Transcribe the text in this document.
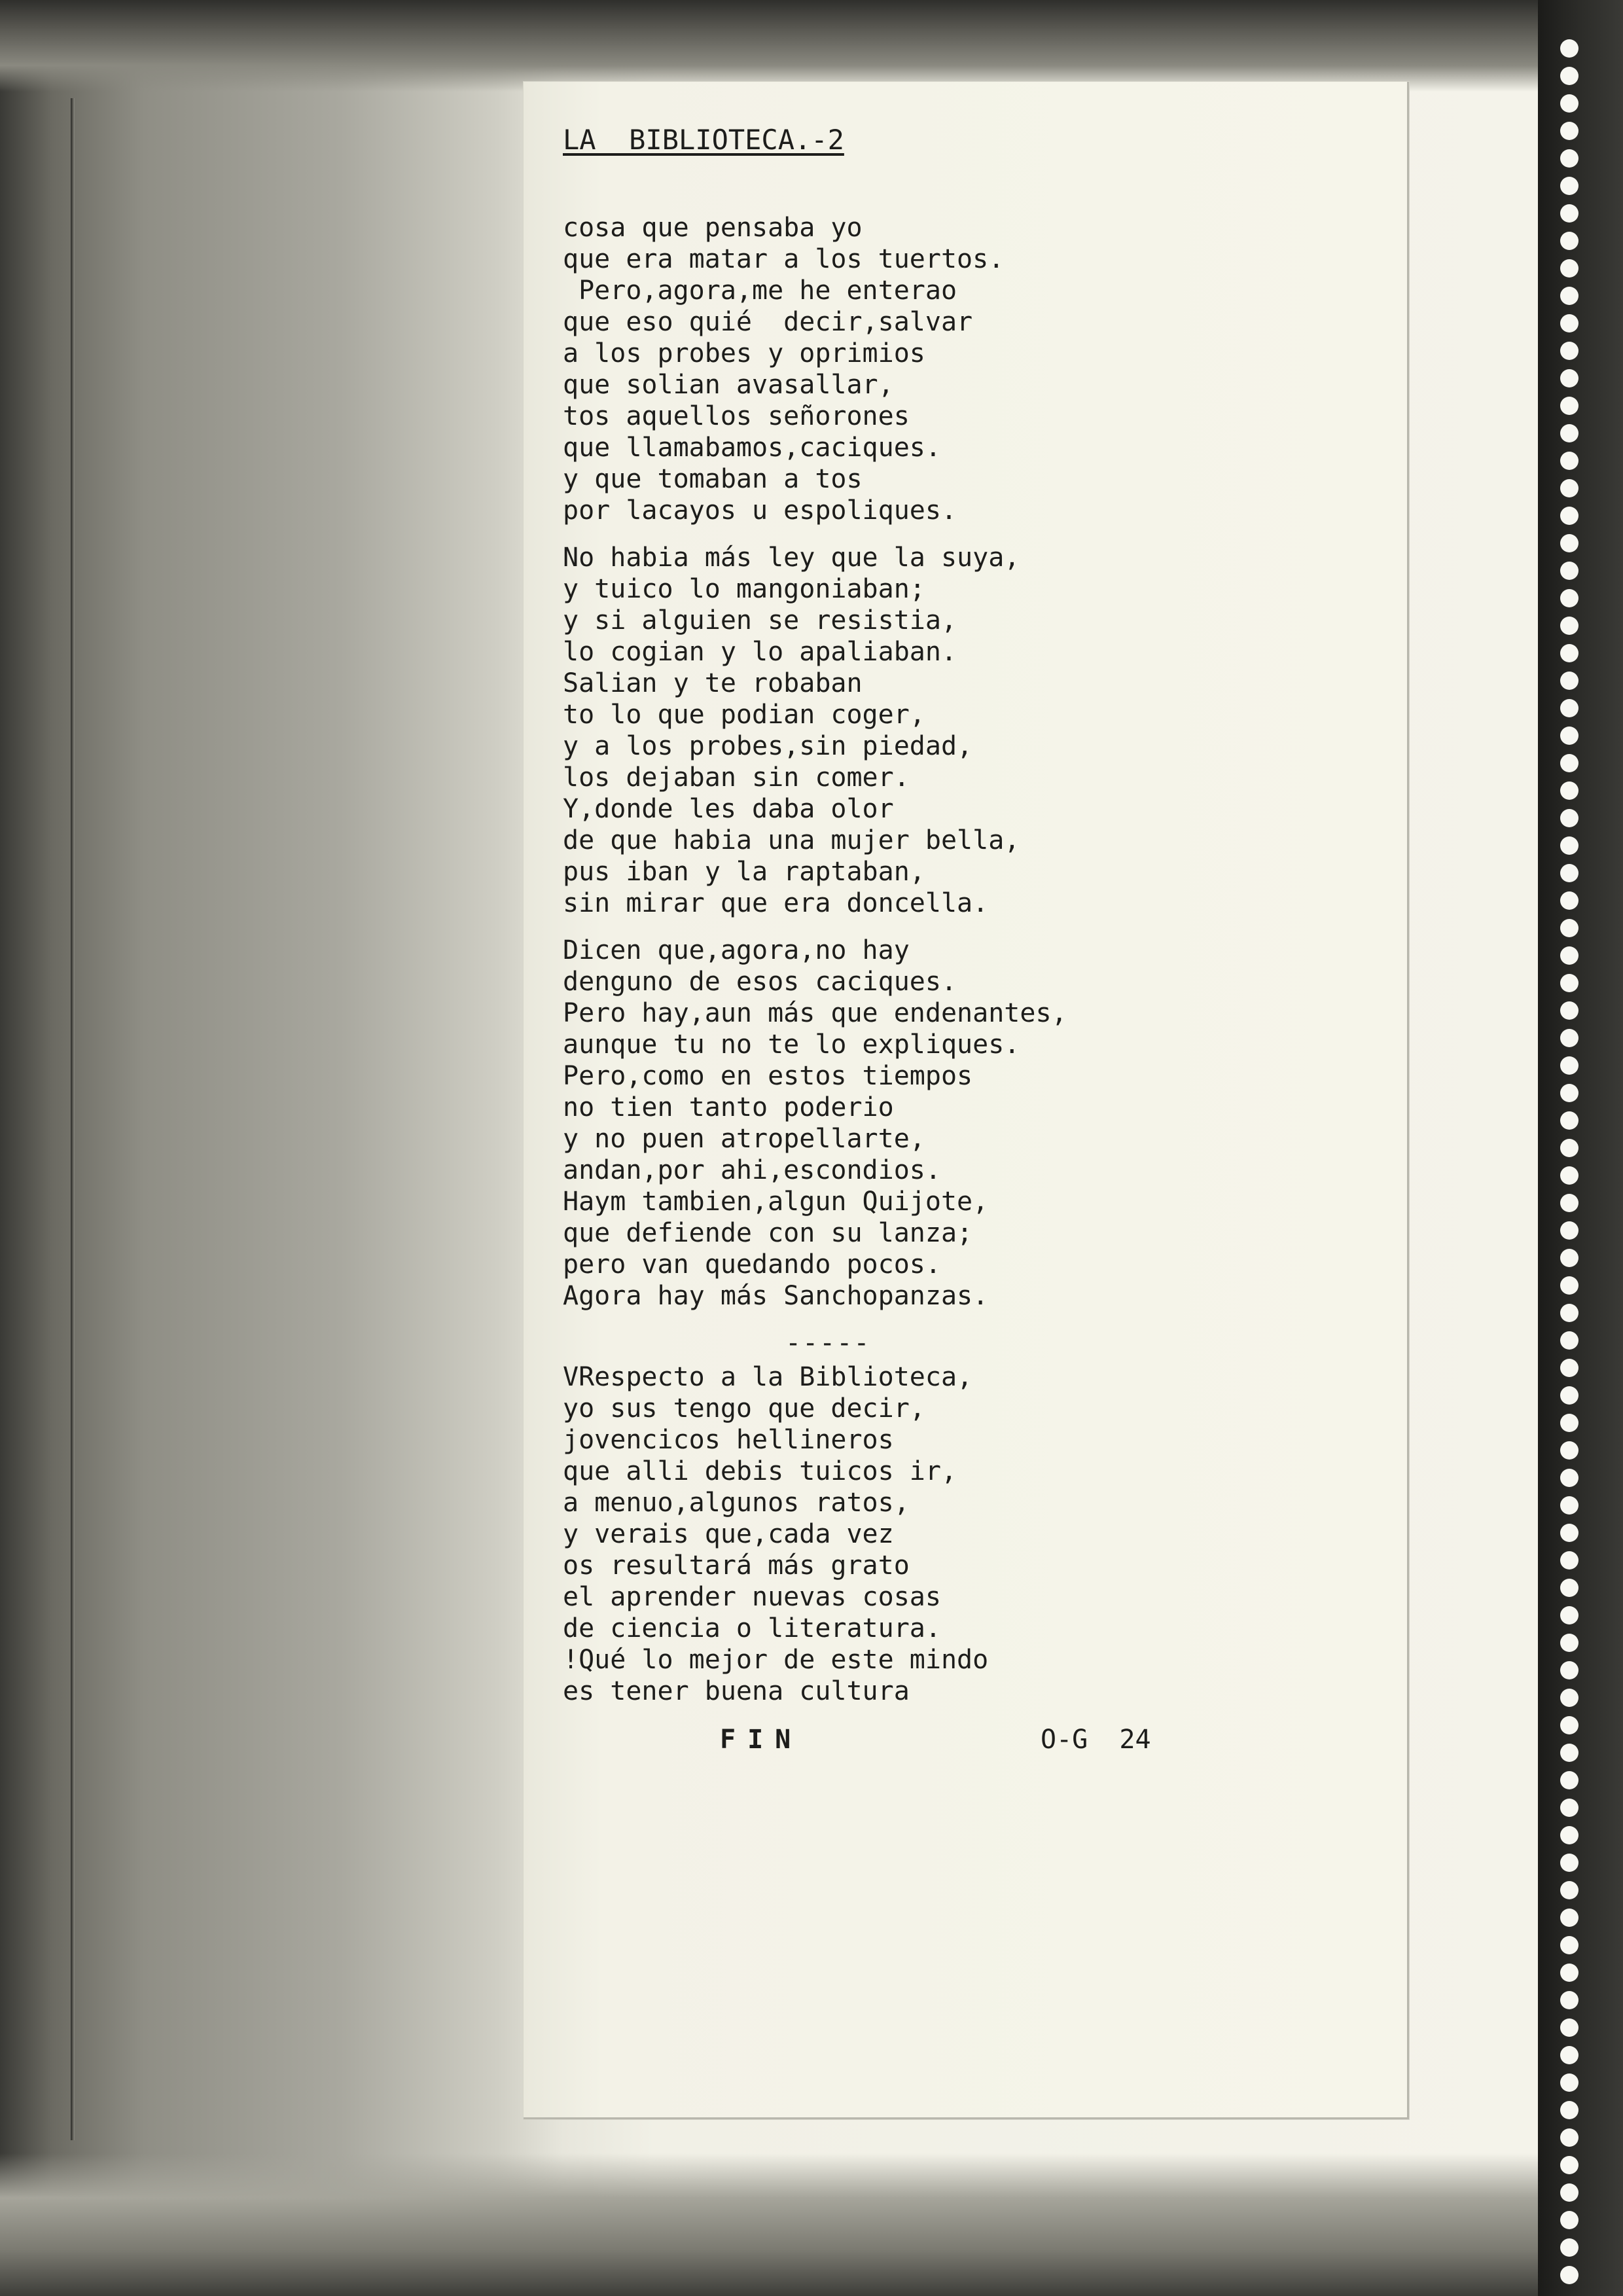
LA  BIBLIOTECA.-2
cosa que pensaba yo
que era matar a los tuertos.
Pero,agora,me he enterao
que eso quié  decir,salvar
a los probes y oprimios
que solian avasallar,
tos aquellos señorones
que llamabamos,caciques.
y que tomaban a tos
por lacayos u espoliques.
No habia más ley que la suya,
y tuico lo mangoniaban;
y si alguien se resistia,
lo cogian y lo apaliaban.
Salian y te robaban
to lo que podian coger,
y a los probes,sin piedad,
los dejaban sin comer.
Y,donde les daba olor
de que habia una mujer bella,
pus iban y la raptaban,
sin mirar que era doncella.
Dicen que,agora,no hay
denguno de esos caciques.
Pero hay,aun más que endenantes,
aunque tu no te lo expliques.
Pero,como en estos tiempos
no tien tanto poderio
y no puen atropellarte,
andan,por ahi,escondios.
Haym tambien,algun Quijote,
que defiende con su lanza;
pero van quedando pocos.
Agora hay más Sanchopanzas.
-----
VRespecto a la Biblioteca,
yo sus tengo que decir,
jovencicos hellineros
que alli debis tuicos ir,
a menuo,algunos ratos,
y verais que,cada vez
os resultará más grato
el aprender nuevas cosas
de ciencia o literatura.
!Qué lo mejor de este mindo
es tener buena cultura
FIN	O-G  24
